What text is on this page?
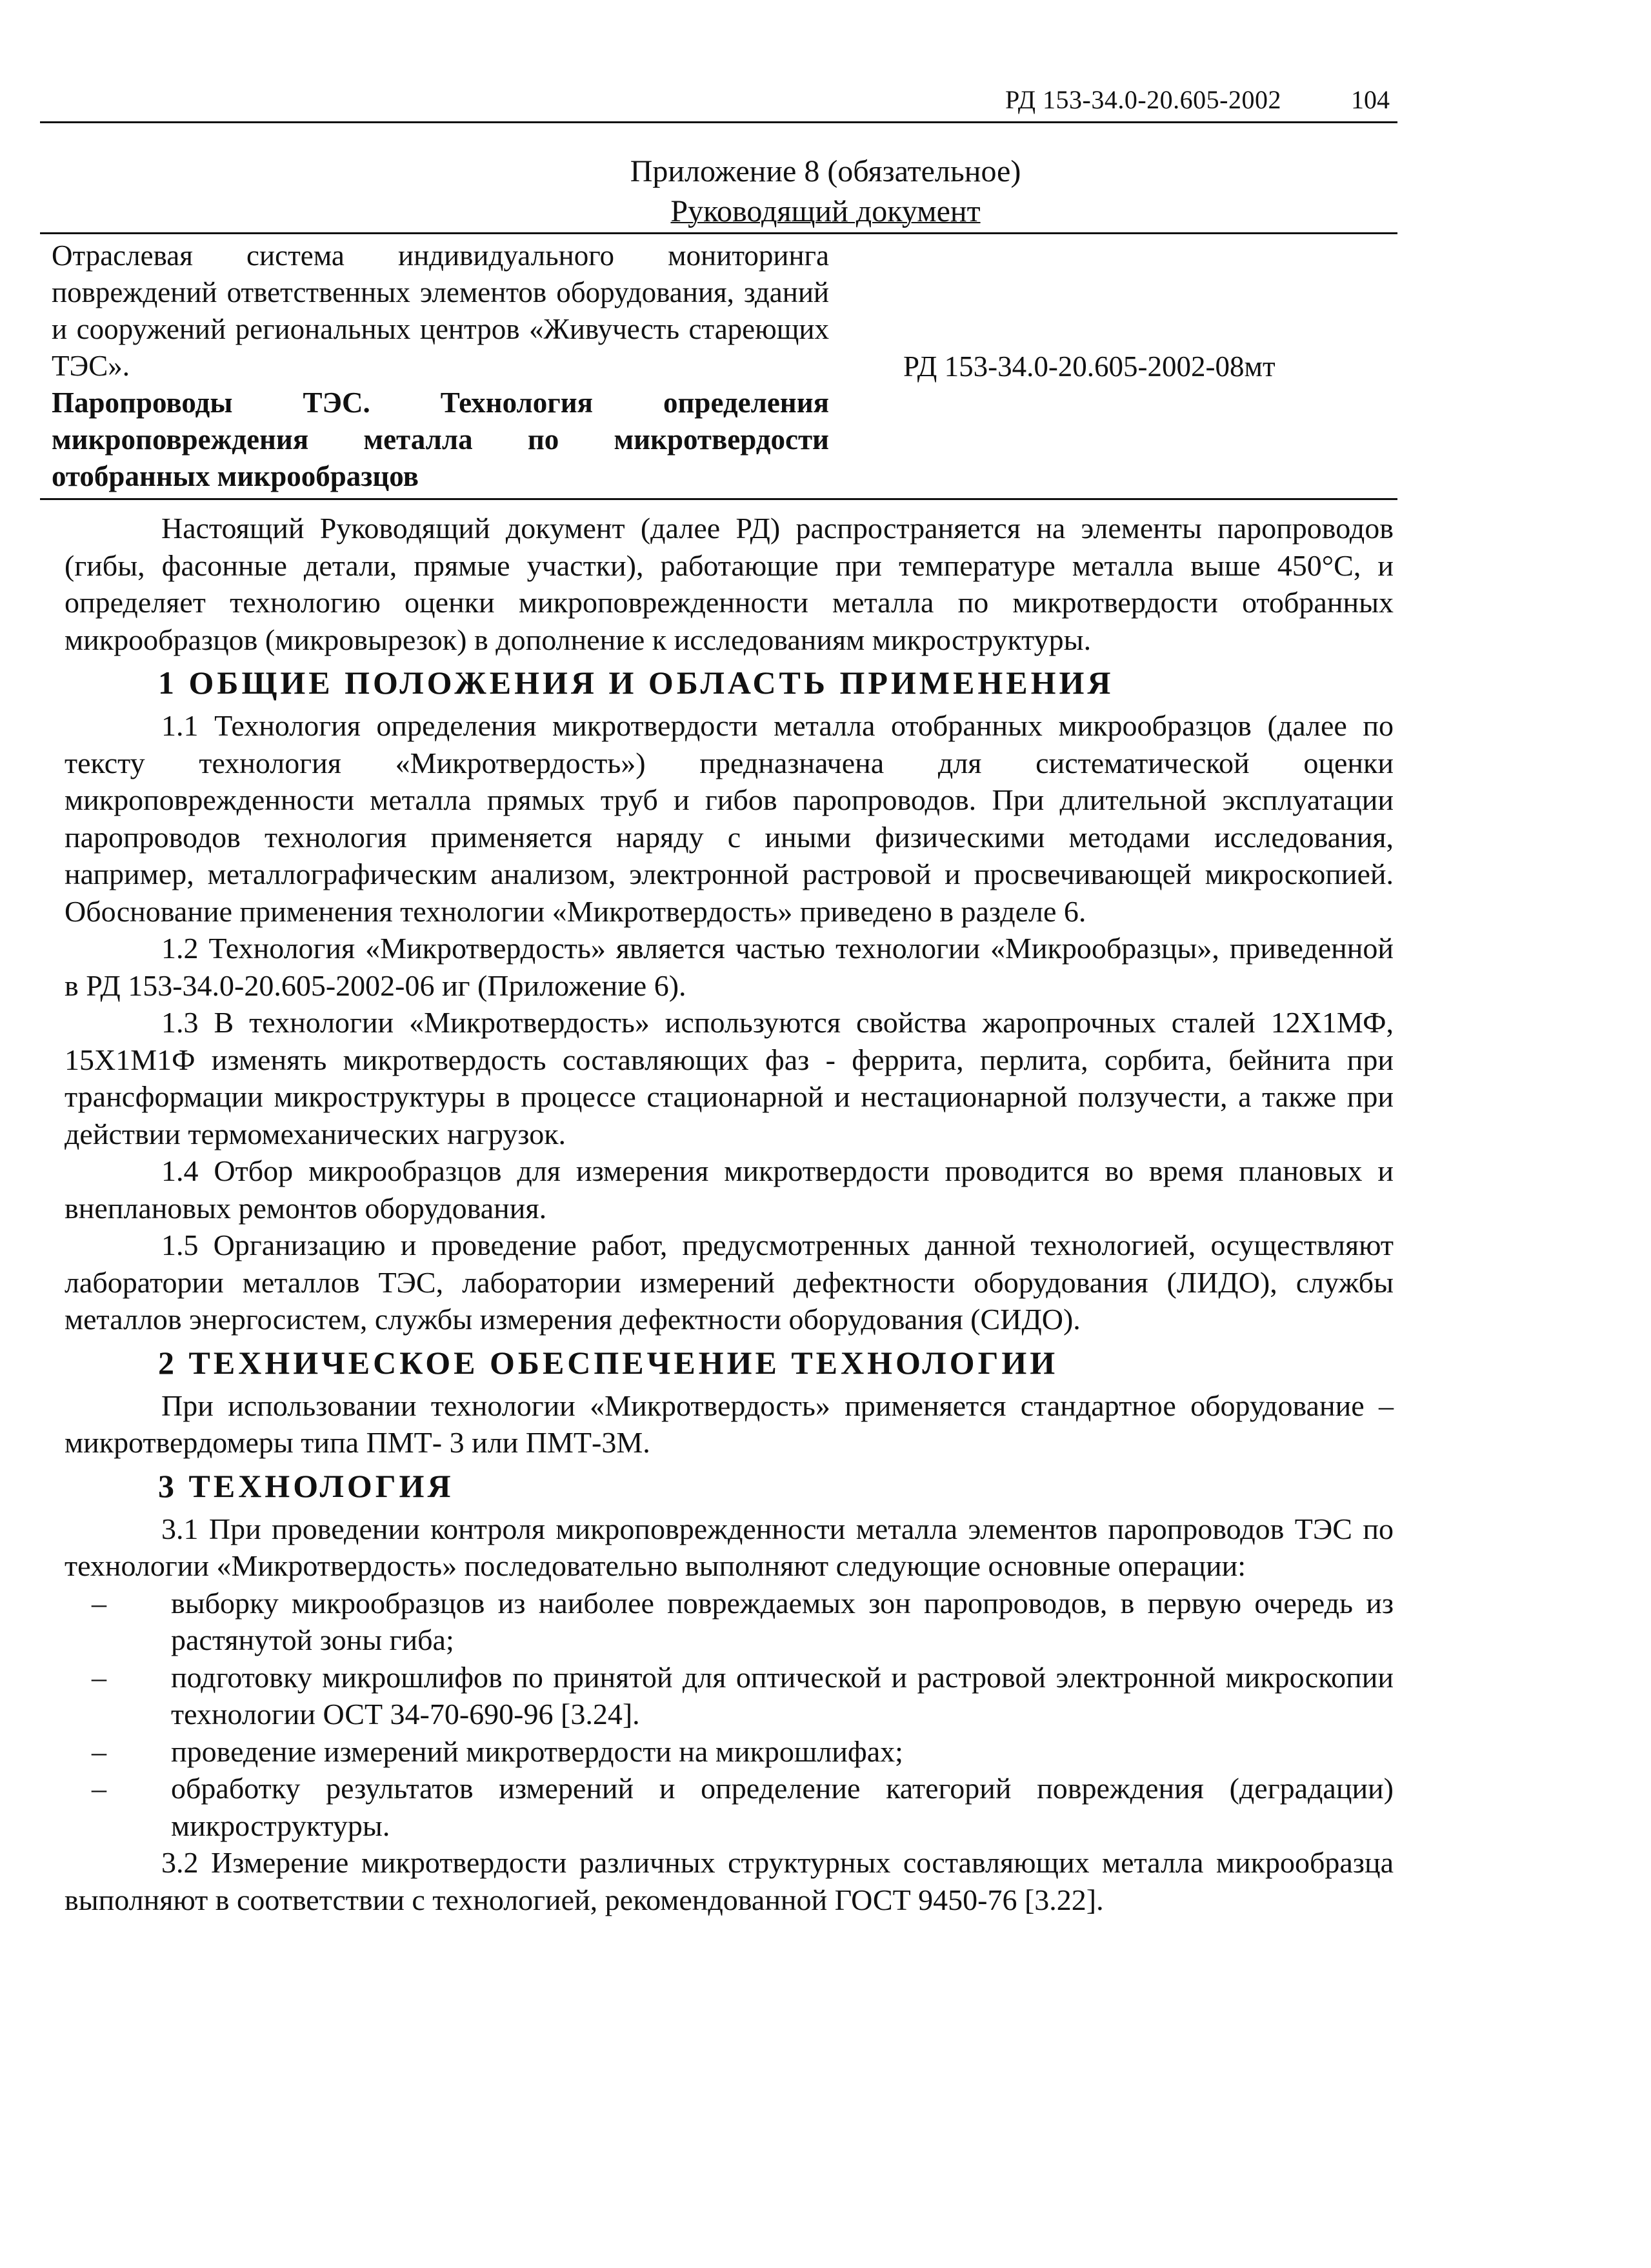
РД 153-34.0-20.605-2002	104
Приложение 8 (обязательное)
Руководящий документ

Отраслевая система индивидуального мониторинга повреждений ответственных элементов оборудования, зданий и сооружений региональных центров «Живучесть стареющих ТЭС».

Паропроводы ТЭС. Технология определения микроповреждения металла по микротвердости отобранных микрообразцов

РД 153-34.0-20.605-2002-08мт

Настоящий Руководящий документ (далее РД) распространяется на элементы паропроводов (гибы, фасонные детали, прямые участки), работающие при температуре металла выше 450°С, и определяет технологию оценки микроповрежденности металла по микротвердости отобранных микрообразцов (микровырезок) в дополнение к исследованиям микроструктуры.

1 ОБЩИЕ ПОЛОЖЕНИЯ И ОБЛАСТЬ ПРИМЕНЕНИЯ

1.1 Технология определения микротвердости металла отобранных микрообразцов (далее по тексту технология «Микротвердость») предназначена для систематической оценки микроповрежденности металла прямых труб и гибов паропроводов. При длительной эксплуатации паропроводов технология применяется наряду с иными физическими методами исследования, например, металлографическим анализом, электронной растровой и просвечивающей микроскопией. Обоснование применения технологии «Микротвердость» приведено в разделе 6.

1.2 Технология «Микротвердость» является частью технологии «Микрообразцы», приведенной в РД 153-34.0-20.605-2002-06 иг (Приложение 6).

1.3 В технологии «Микротвердость» используются свойства жаропрочных сталей 12Х1МФ, 15Х1М1Ф изменять микротвердость составляющих фаз - феррита, перлита, сорбита, бейнита при трансформации микроструктуры в процессе стационарной и нестационарной ползучести, а также при действии термомеханических нагрузок.

1.4 Отбор микрообразцов для измерения микротвердости проводится во время плановых и внеплановых ремонтов оборудования.

1.5 Организацию и проведение работ, предусмотренных данной технологией, осуществляют лаборатории металлов ТЭС, лаборатории измерений дефектности оборудования (ЛИДО), службы металлов энергосистем, службы измерения дефектности оборудования (СИДО).

2 ТЕХНИЧЕСКОЕ ОБЕСПЕЧЕНИЕ ТЕХНОЛОГИИ

При использовании технологии «Микротвердость» применяется стандартное оборудование – микротвердомеры типа ПМТ- 3 или ПМТ-3М.

3 ТЕХНОЛОГИЯ

3.1 При проведении контроля микроповрежденности металла элементов паропроводов ТЭС по технологии «Микротвердость» последовательно выполняют следующие основные операции:

–	выборку микрообразцов из наиболее повреждаемых зон паропроводов, в первую очередь из растянутой зоны гиба;
–	подготовку микрошлифов по принятой для оптической и растровой электронной микроскопии технологии ОСТ 34-70-690-96 [3.24].
–	проведение измерений микротвердости на микрошлифах;
–	обработку результатов измерений и определение категорий повреждения (деградации) микроструктуры.

3.2 Измерение микротвердости различных структурных составляющих металла микрообразца выполняют в соответствии с технологией, рекомендованной ГОСТ 9450-76 [3.22].
